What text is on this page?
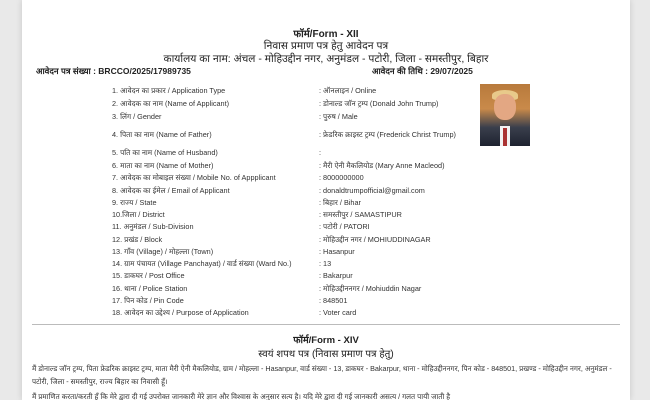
फॉर्म/Form - XII
निवास प्रमाण पत्र हेतु आवेदन पत्र
कार्यालय का नाम: अंचल - मोहिउद्दीन नगर, अनुमंडल - पटोरी, जिला - समस्तीपुर, बिहार
आवेदन पत्र संख्या : BRCCO/2025/17989735	आवेदन की तिथि : 29/07/2025
1. आवेदन का प्रकार / Application Type	: ऑनलाइन / Online
2. आवेदक का नाम (Name of Applicant)	: डोनाल्ड जॉन ट्रम्प (Donald John Trump)
3. लिंग / Gender	: पुरुष / Male
4. पिता का नाम (Name of Father)	: फ्रेडरिक क्राइस्ट ट्रम्प (Frederick Christ Trump)
5. पति का नाम (Name of Husband)	:
6. माता का नाम (Name of Mother)	: मैरी ऐनी मैकलियोड (Mary Anne Macleod)
7. आवेदक का मोबाइल संख्या / Mobile No. of Appplicant	: 8000000000
8. आवेदक का ईमेल / Email of Applicant	: donaldtrumpofficial@gmail.com
9. राज्य / State	: बिहार / Bihar
10.जिला / District	: समस्तीपुर / SAMASTIPUR
11. अनुमंडल / Sub-Division	: पटोरी / PATORI
12. प्रखंड / Block	: मोहिउद्दीन नगर / MOHIUDDINAGAR
13. गाँव (Village) / मोहल्ला (Town)	: Hasanpur
14. ग्राम पंचायत (Village Panchayat) / वार्ड संख्या (Ward No.)	: 13
15. डाकघर / Post Office	: Bakarpur
16. थाना / Police Station	: मोहिउद्दीननगर / Mohiuddin Nagar
17. पिन कोड / Pin Code	: 848501
18. आवेदन का उद्देश्य / Purpose of Application	: Voter card
फॉर्म/Form - XIV
स्वयं शपथ पत्र (निवास प्रमाण पत्र हेतु)
मैं डोनाल्ड जॉन ट्रम्प, पिता फ्रेडरिक क्राइस्ट ट्रम्प, माता मैरी ऐनी मैकलियोड, ग्राम / मोहल्ला - Hasanpur, वार्ड संख्या - 13, डाकघर - Bakarpur, थाना - मोहिउद्दीननगर, पिन कोड - 848501, प्रखण्ड - मोहिउद्दीन नगर, अनुमंडल - पटोरी, जिला - समस्तीपुर, राज्य बिहार का निवासी हूँ।
मैं प्रमाणित करता/करती हूँ कि मेरे द्वारा दी गई उपरोक्त जानकारी मेरे ज्ञान और विश्वास के अनुसार सत्य है। यदि मेरे द्वारा दी गई जानकारी असत्य / गलत पायी जाती है
